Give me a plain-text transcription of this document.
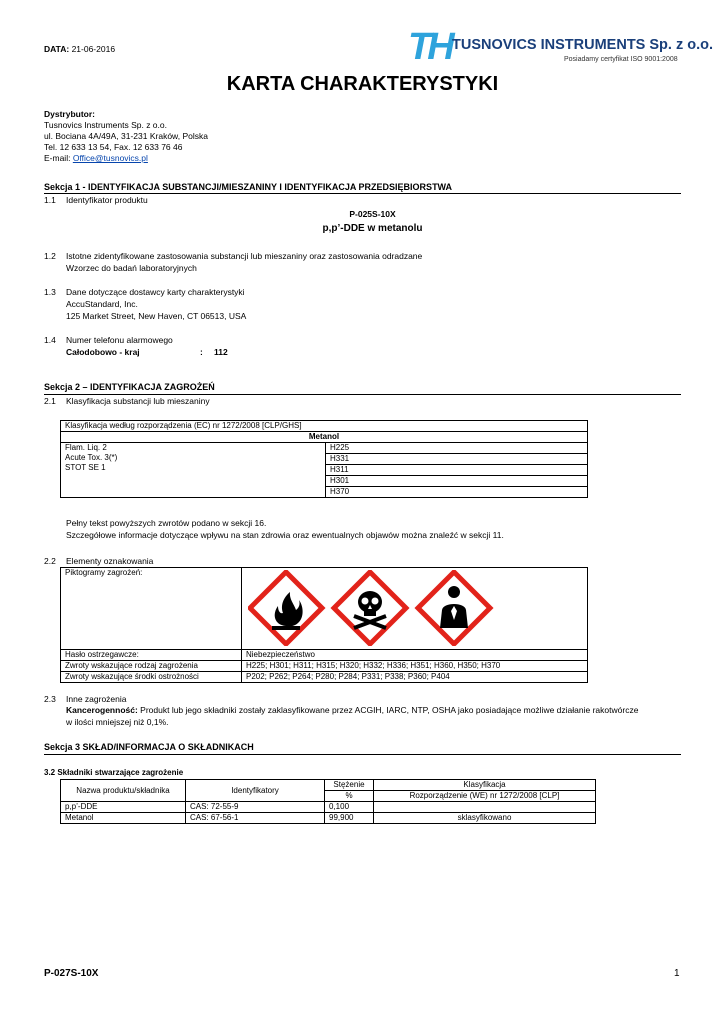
DATA: 21-06-2016	TH TUSNOVICS INSTRUMENTS Sp. z o.o.
Posiadamy certyfikat ISO 9001:2008
KARTA CHARAKTERYSTYKI
Dystrybutor:
Tusnovics Instruments Sp. z o.o.
ul. Bociana 4A/49A, 31-231 Kraków, Polska
Tel. 12 633 13 54, Fax. 12 633 76 46
E-mail: Office@tusnovics.pl
Sekcja 1 - IDENTYFIKACJA SUBSTANCJI/MIESZANINY I IDENTYFIKACJA PRZEDSIĘBIORSTWA
1.1 Identyfikator produktu
P-025S-10X
p,p’-DDE w metanolu
1.2 Istotne zidentyfikowane zastosowania substancji lub mieszaniny oraz zastosowania odradzane
Wzorzec do badań laboratoryjnych
1.3 Dane dotyczące dostawcy karty charakterystyki
AccuStandard, Inc.
125 Market Street, New Haven, CT 06513, USA
1.4 Numer telefonu alarmowego
Całodobowo - kraj	: 112
Sekcja 2 – IDENTYFIKACJA ZAGROŻEŃ
2.1 Klasyfikacja substancji lub mieszaniny
Klasyfikacja według rozporządzenia (EC) nr 1272/2008 [CLP/GHS]
Metanol

Flam. Liq. 2
Acute Tox. 3(*)
STOT SE 1

H225
H331
H311
H301
H370
Pełny tekst powyższych zwrotów podano w sekcji 16.
Szczegółowe informacje dotyczące wpływu na stan zdrowia oraz ewentualnych objawów można znaleźć w sekcji 11.
2.2 Elementy oznakowania
Piktogramy zagrożeń:	
Hasło ostrzegawcze:	Niebezpieczeństwo
Zwroty wskazujące rodzaj zagrożenia	H225; H301; H311; H315; H320; H332; H336; H351; H360, H350; H370
Zwroty wskazujące środki ostrożności	P202; P262; P264; P280; P284; P331; P338; P360; P404
2.3 Inne zagrożenia
Kancerogenność: Produkt lub jego składniki zostały zaklasyfikowane przez ACGIH, IARC, NTP, OSHA jako posiadające możliwe działanie rakotwórcze
w ilości mniejszej niż 0,1%.
Sekcja 3 SKŁAD/INFORMACJA O SKŁADNIKACH
3.2 Składniki stwarzające zagrożenie
Nazwa produktu/składnika	Identyfikatory	Stężenie	Klasyfikacja
		%	Rozporządzenie (WE) nr 1272/2008 [CLP]
p,p’-DDE	CAS: 72-55-9	0,100	
Metanol	CAS: 67-56-1	99,900	sklasyfikowano
P-027S-10X	1
